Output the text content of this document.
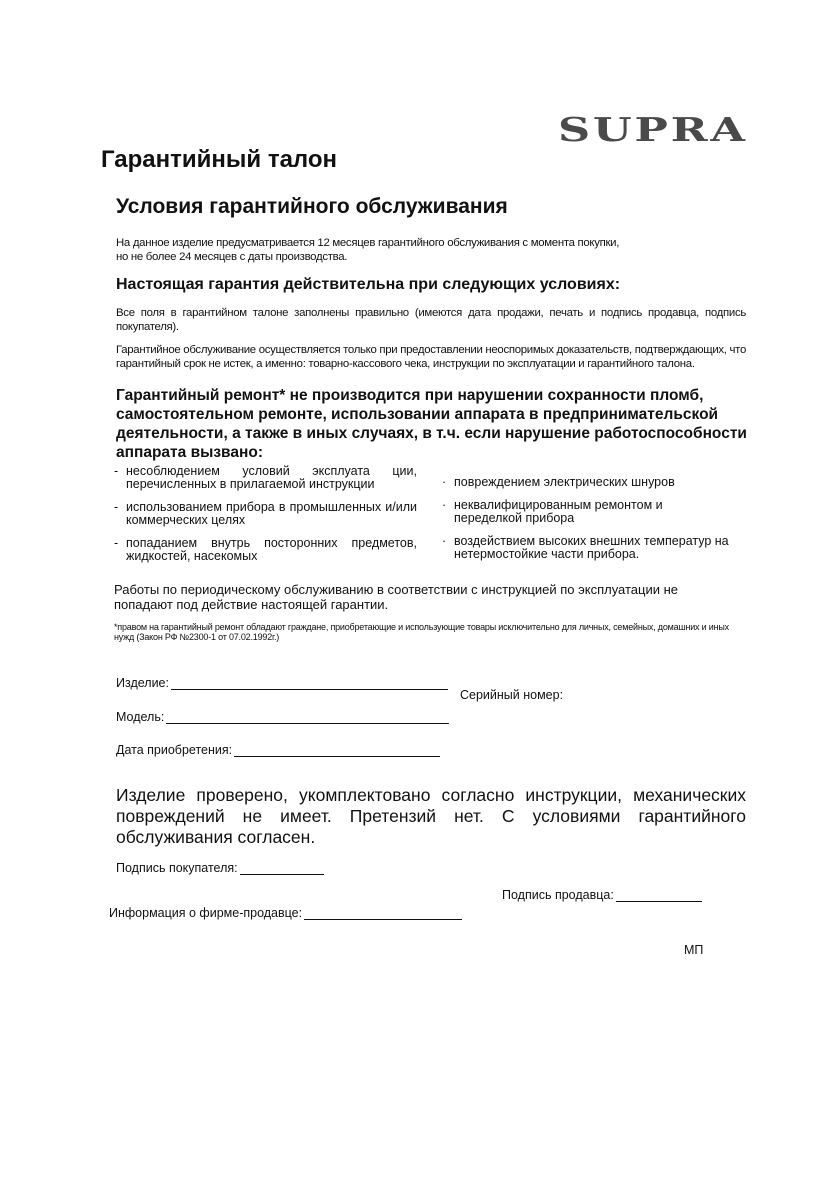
SUPRA
Гарантийный талон
Условия гарантийного обслуживания
На данное изделие предусматривается 12 месяцев гарантийного обслуживания с момента покупки,
но не более 24 месяцев с даты производства.
Настоящая гарантия действительна при следующих условиях:
Все поля в гарантийном талоне заполнены правильно (имеются дата продажи, печать и подпись продавца, подпись покупателя).
Гарантийное обслуживание осуществляется только при предоставлении неоспоримых доказательств, подтверждающих, что гарантийный срок не истек, а именно: товарно-кассового чека, инструкции по эксплуатации и гарантийного талона.
Гарантийный ремонт* не производится при нарушении сохранности пломб, самостоятельном ремонте, использовании аппарата в предпринимательской деятельности, а также в иных случаях, в т.ч. если нарушение работоспособности аппарата вызвано:
- несоблюдением условий эксплуата ции, перечисленных в прилагаемой инструкции
- использованием прибора в промышленных и/или коммерческих целях
- попаданием внутрь посторонних предметов, жидкостей, насекомых
· повреждением электрических шнуров
· неквалифицированным ремонтом и переделкой прибора
· воздействием высоких внешних температур на нетермостойкие части прибора.
Работы по периодическому обслуживанию в соответствии с инструкцией по эксплуатации не попадают под действие настоящей гарантии.
*правом на гарантийный ремонт обладают граждане, приобретающие и использующие товары исключительно для личных, семейных, домашних и иных нужд (Закон РФ №2300-1 от 07.02.1992г.)
Изделие:
Серийный номер:
Модель:
Дата приобретения:
Изделие проверено, укомплектовано согласно инструкции, механических повреждений не имеет. Претензий нет. С условиями гарантийного обслуживания согласен.
Подпись покупателя:
Подпись продавца:
Информация о фирме-продавце:
МП
